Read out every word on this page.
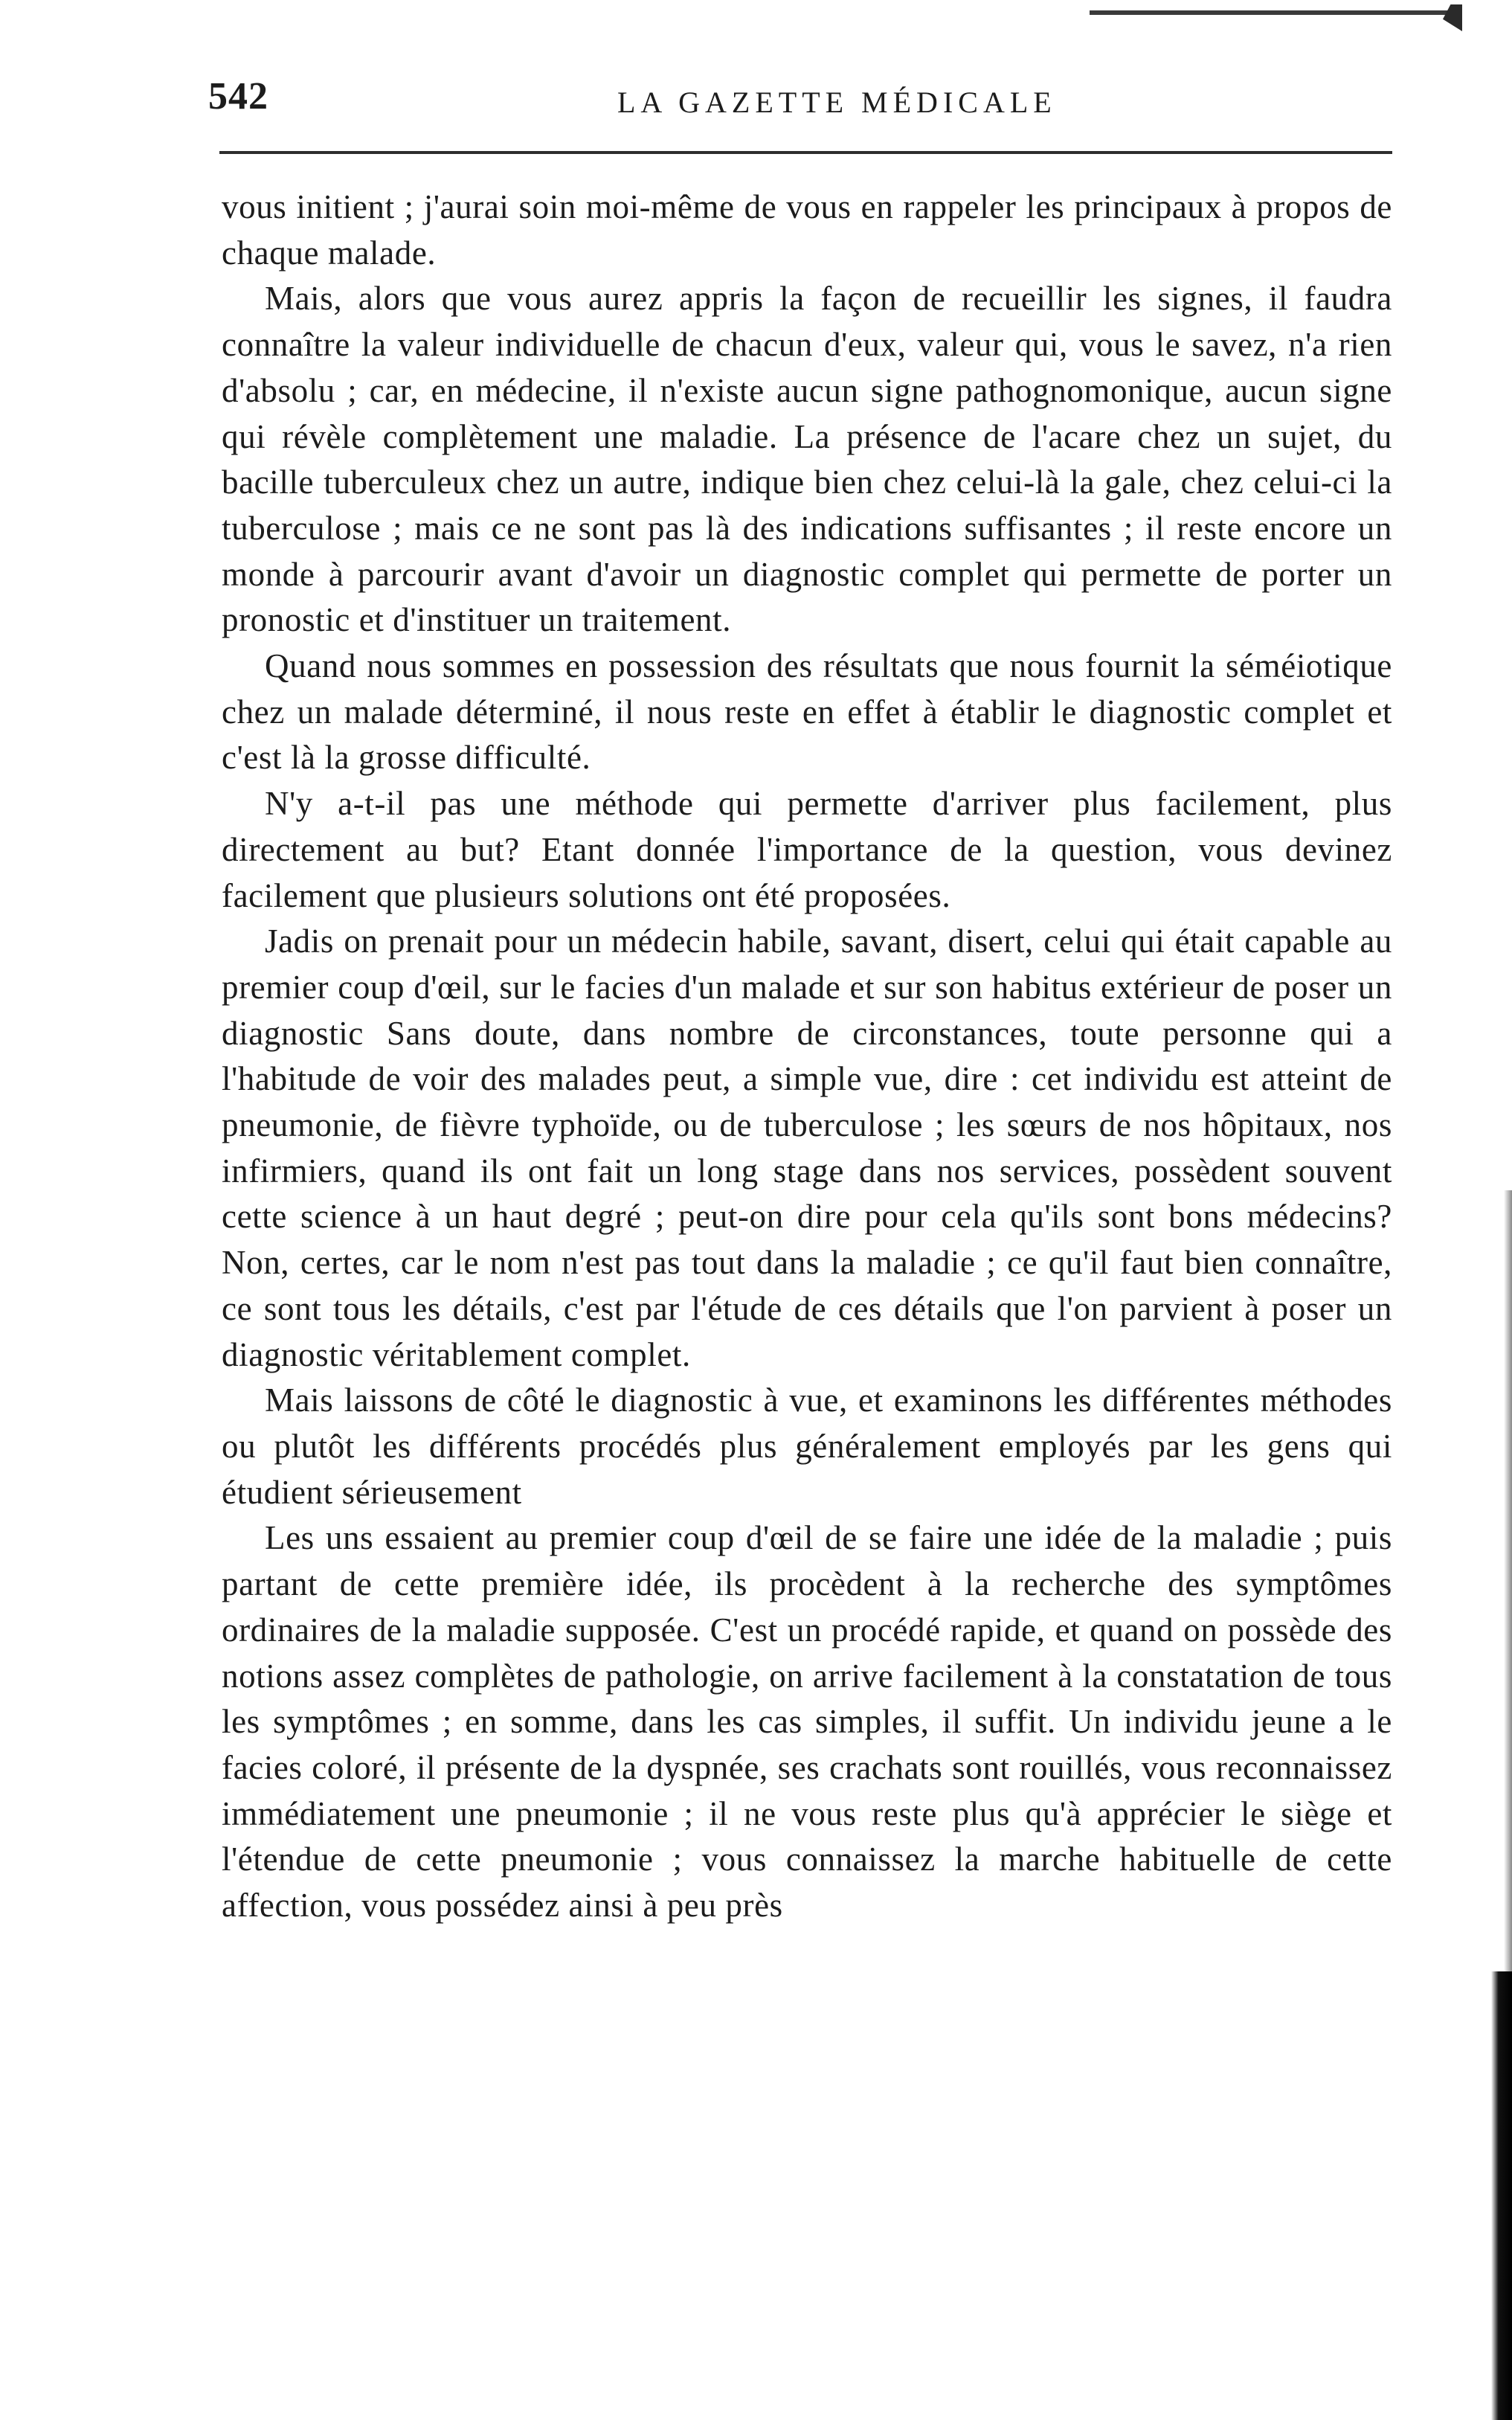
542	LA GAZETTE MÉDICALE

vous initient ; j'aurai soin moi-même de vous en rappeler les principaux à propos de chaque malade.

Mais, alors que vous aurez appris la façon de recueillir les signes, il faudra connaître la valeur individuelle de chacun d'eux, valeur qui, vous le savez, n'a rien d'absolu ; car, en médecine, il n'existe aucun signe pathognomonique, aucun signe qui révèle complètement une maladie. La présence de l'acare chez un sujet, du bacille tuberculeux chez un autre, indique bien chez celui-là la gale, chez celui-ci la tuberculose ; mais ce ne sont pas là des indications suffisantes ; il reste encore un monde à parcourir avant d'avoir un diagnostic complet qui permette de porter un pronostic et d'instituer un traitement.

Quand nous sommes en possession des résultats que nous fournit la séméiotique chez un malade déterminé, il nous reste en effet à établir le diagnostic complet et c'est là la grosse difficulté.

N'y a-t-il pas une méthode qui permette d'arriver plus facilement, plus directement au but? Etant donnée l'importance de la question, vous devinez facilement que plusieurs solutions ont été proposées.

Jadis on prenait pour un médecin habile, savant, disert, celui qui était capable au premier coup d'œil, sur le facies d'un malade et sur son habitus extérieur de poser un diagnostic Sans doute, dans nombre de circonstances, toute personne qui a l'habitude de voir des malades peut, a simple vue, dire : cet individu est atteint de pneumonie, de fièvre typhoïde, ou de tuberculose ; les sœurs de nos hôpitaux, nos infirmiers, quand ils ont fait un long stage dans nos services, possèdent souvent cette science à un haut degré ; peut-on dire pour cela qu'ils sont bons médecins? Non, certes, car le nom n'est pas tout dans la maladie ; ce qu'il faut bien connaître, ce sont tous les détails, c'est par l'étude de ces détails que l'on parvient à poser un diagnostic véritablement complet.

Mais laissons de côté le diagnostic à vue, et examinons les différentes méthodes ou plutôt les différents procédés plus généralement employés par les gens qui étudient sérieusement

Les uns essaient au premier coup d'œil de se faire une idée de la maladie ; puis partant de cette première idée, ils procèdent à la recherche des symptômes ordinaires de la maladie supposée. C'est un procédé rapide, et quand on possède des notions assez complètes de pathologie, on arrive facilement à la constatation de tous les symptômes ; en somme, dans les cas simples, il suffit. Un individu jeune a le facies coloré, il présente de la dyspnée, ses crachats sont rouillés, vous reconnaissez immédiatement une pneumonie ; il ne vous reste plus qu'à apprécier le siège et l'étendue de cette pneumonie ; vous connaissez la marche habituelle de cette affection, vous possédez ainsi à peu près
